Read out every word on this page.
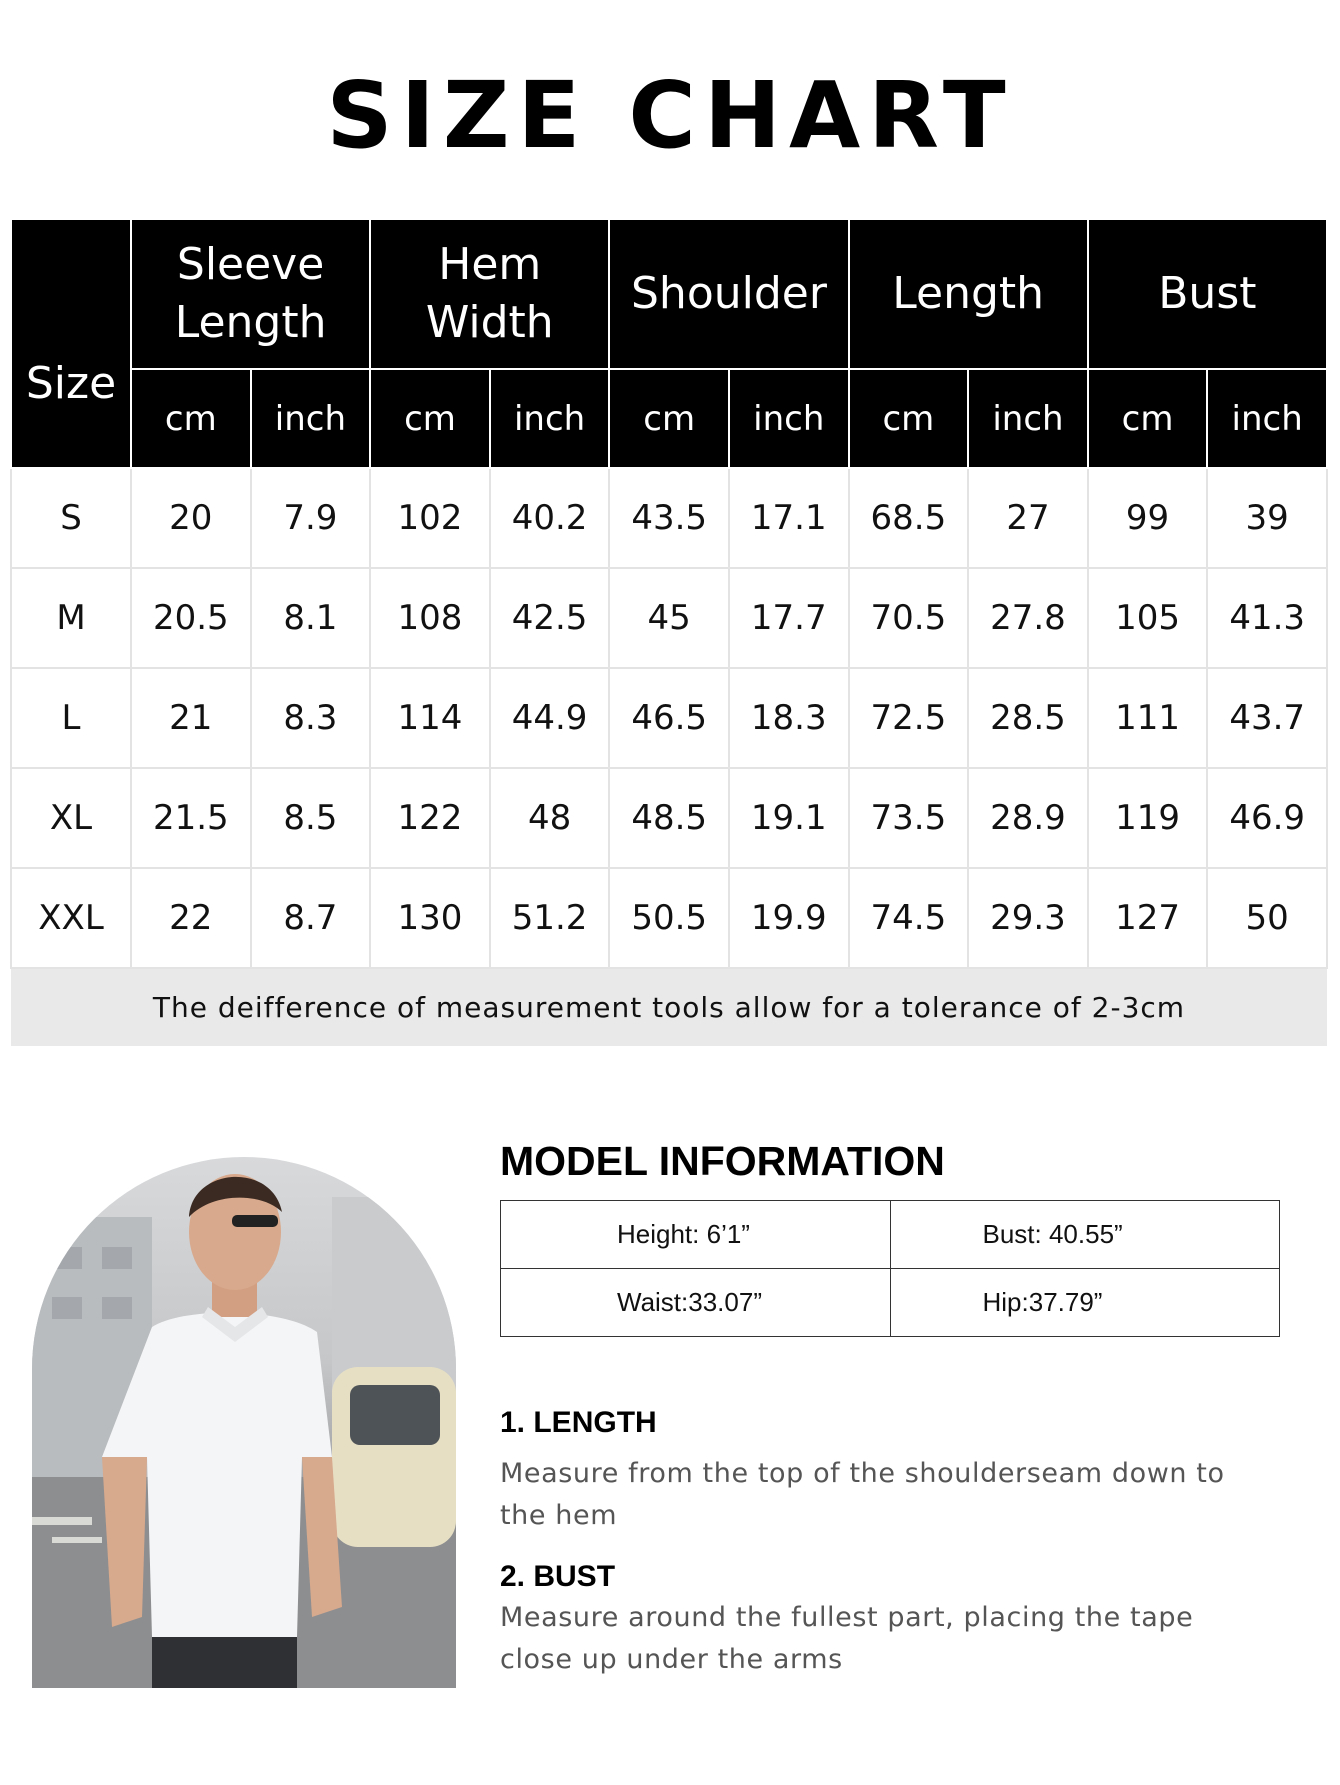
SIZE CHART
Size	Sleeve Length		Hem Width		Shoulder		Length		Bust	
	cm	inch	cm	inch	cm	inch	cm	inch	cm	inch
S	20	7.9	102	40.2	43.5	17.1	68.5	27	99	39
M	20.5	8.1	108	42.5	45	17.7	70.5	27.8	105	41.3
L	21	8.3	114	44.9	46.5	18.3	72.5	28.5	111	43.7
XL	21.5	8.5	122	48	48.5	19.1	73.5	28.9	119	46.9
XXL	22	8.7	130	51.2	50.5	19.9	74.5	29.3	127	50
The deifference of measurement tools allow for a tolerance of 2-3cm										
MODEL INFORMATION
Height: 6’1”	Bust: 40.55”
Waist:33.07”	Hip:37.79”
1. LENGTH
Measure from the top of the shoulderseam down to the hem
2. BUST
Measure around the fullest part, placing the tape close up under the arms
